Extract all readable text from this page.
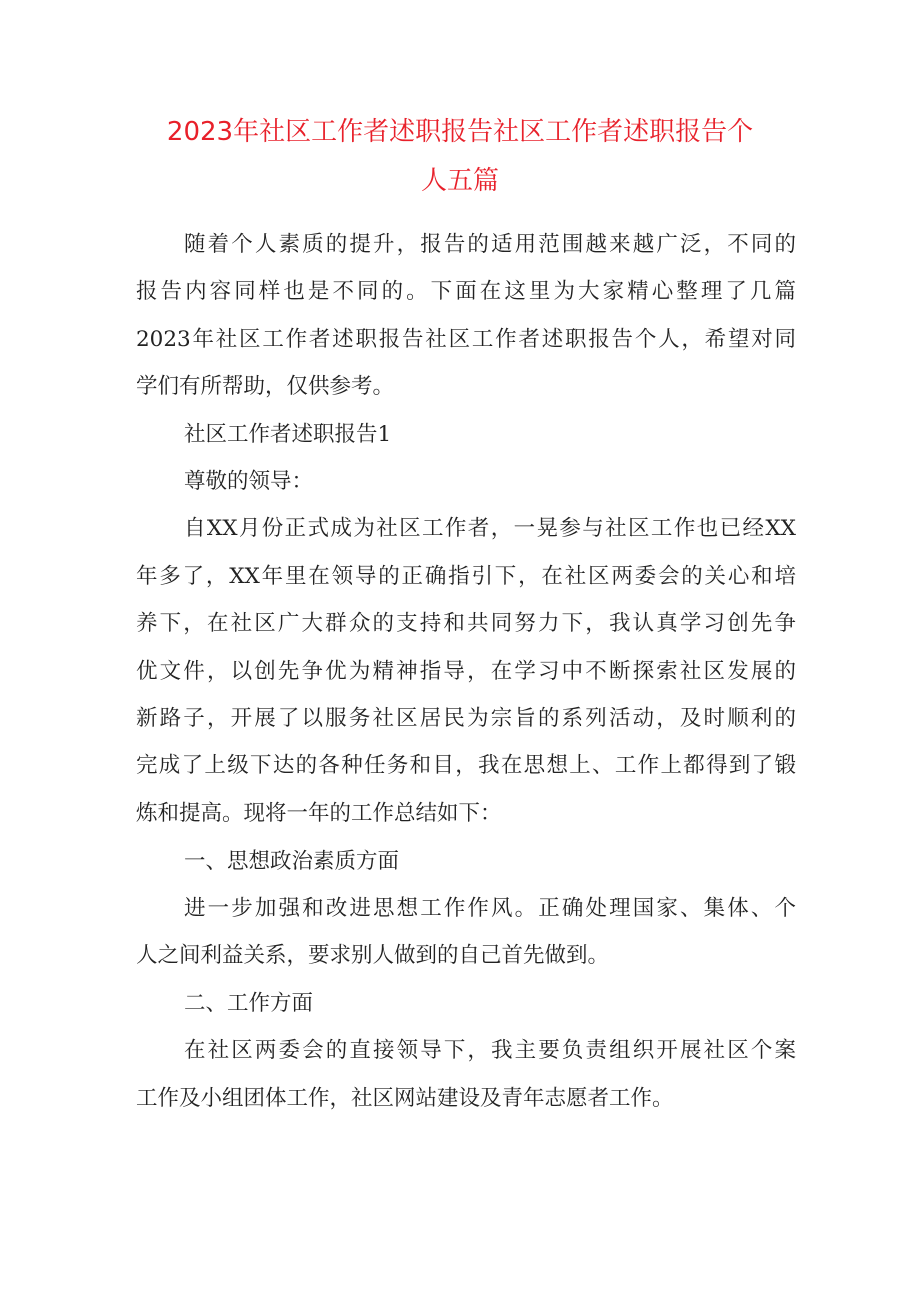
2023年社区工作者述职报告社区工作者述职报告个
人五篇
随着个人素质的提升，报告的适用范围越来越广泛，不同的
报告内容同样也是不同的。下面在这里为大家精心整理了几篇
2023年社区工作者述职报告社区工作者述职报告个人，希望对同
学们有所帮助，仅供参考。
社区工作者述职报告1
尊敬的领导：
自XX月份正式成为社区工作者，一晃参与社区工作也已经XX
年多了，XX年里在领导的正确指引下，在社区两委会的关心和培
养下，在社区广大群众的支持和共同努力下，我认真学习创先争
优文件，以创先争优为精神指导，在学习中不断探索社区发展的
新路子，开展了以服务社区居民为宗旨的系列活动，及时顺利的
完成了上级下达的各种任务和目，我在思想上、工作上都得到了锻
炼和提高。现将一年的工作总结如下：
一、思想政治素质方面
进一步加强和改进思想工作作风。正确处理国家、集体、个
人之间利益关系，要求别人做到的自己首先做到。
二、工作方面
在社区两委会的直接领导下，我主要负责组织开展社区个案
工作及小组团体工作，社区网站建设及青年志愿者工作。
